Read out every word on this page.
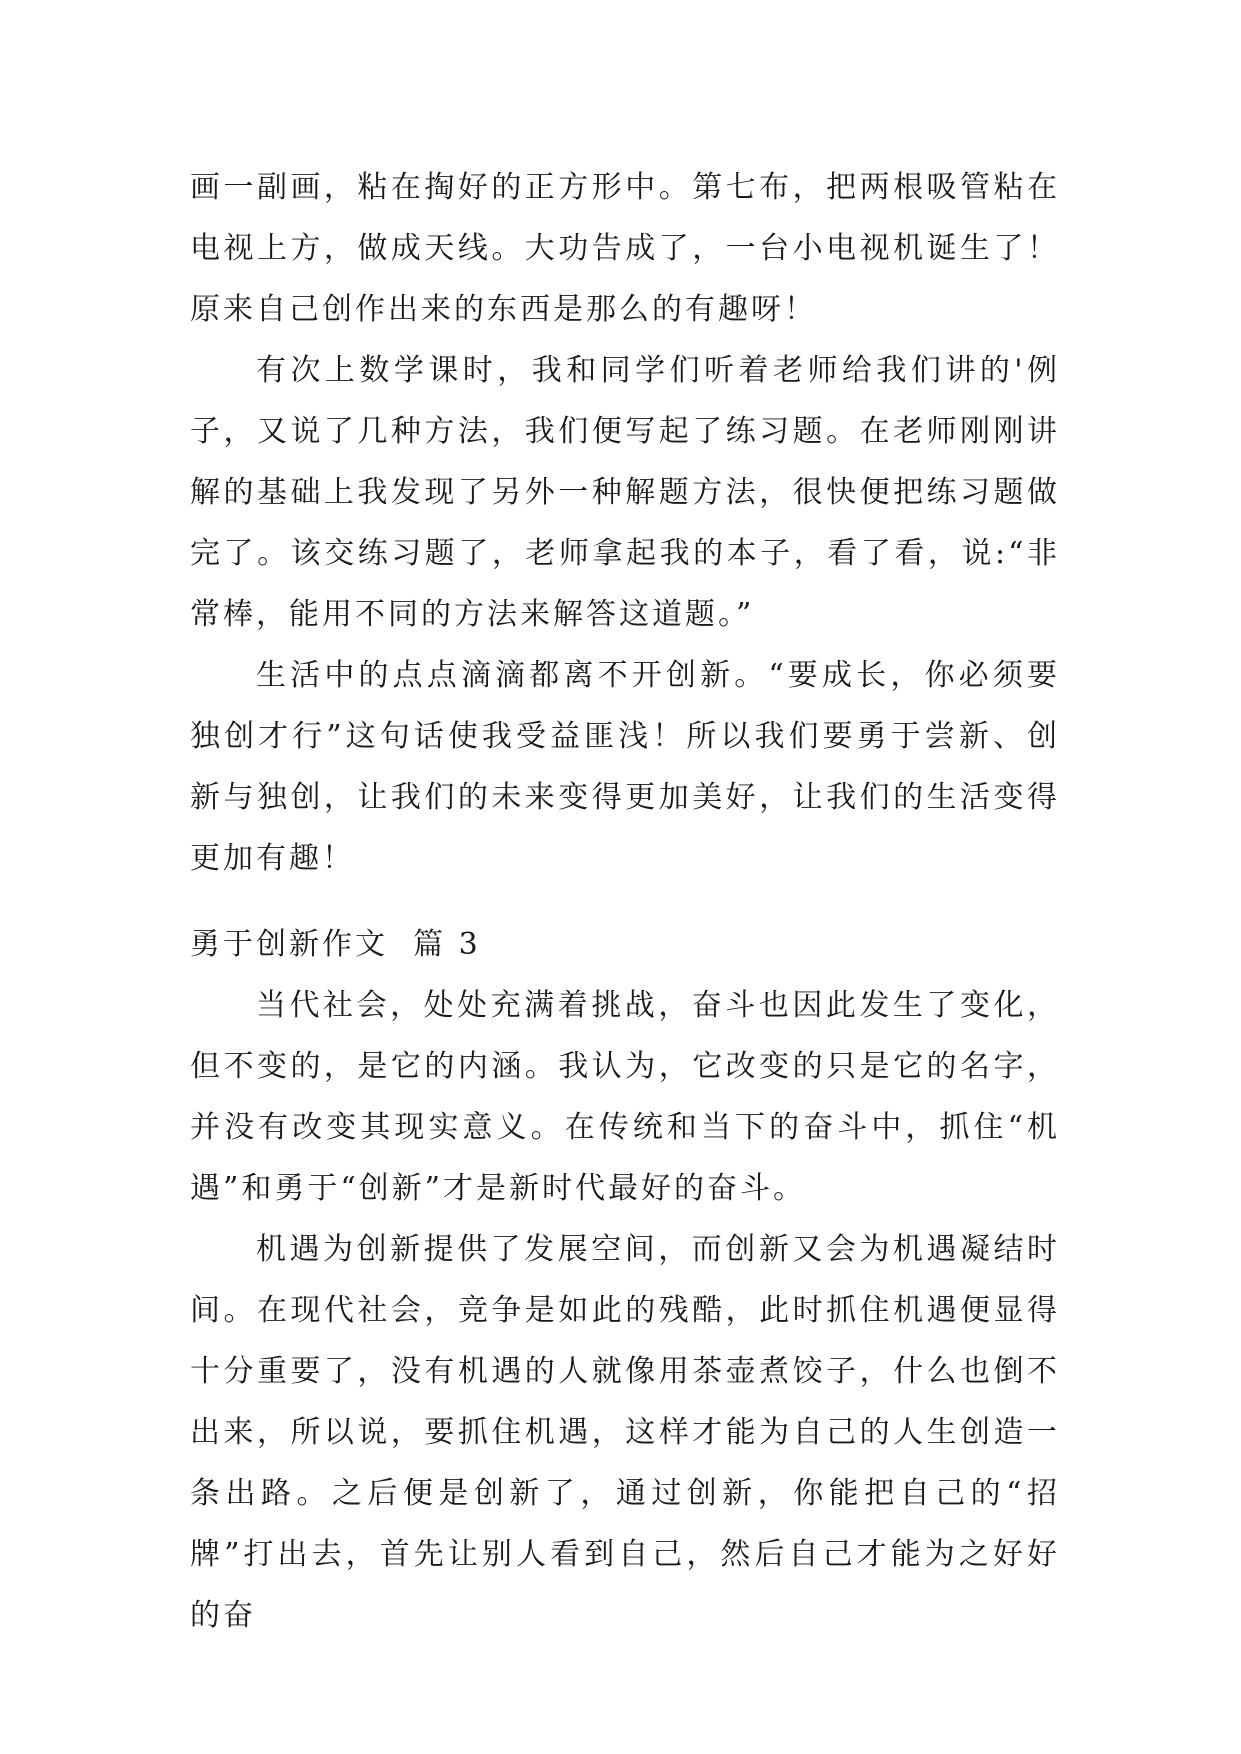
画一副画，粘在掏好的正方形中。第七布，把两根吸管粘在电视上方，做成天线。大功告成了，一台小电视机诞生了！原来自己创作出来的东西是那么的有趣呀！

有次上数学课时，我和同学们听着老师给我们讲的'例子，又说了几种方法，我们便写起了练习题。在老师刚刚讲解的基础上我发现了另外一种解题方法，很快便把练习题做完了。该交练习题了，老师拿起我的本子，看了看，说:“非常棒，能用不同的方法来解答这道题。”

生活中的点点滴滴都离不开创新。“要成长，你必须要独创才行”这句话使我受益匪浅！所以我们要勇于尝新、创新与独创，让我们的未来变得更加美好，让我们的生活变得更加有趣！

勇于创新作文  篇 3

当代社会，处处充满着挑战，奋斗也因此发生了变化，但不变的，是它的内涵。我认为，它改变的只是它的名字，并没有改变其现实意义。在传统和当下的奋斗中，抓住“机遇”和勇于“创新”才是新时代最好的奋斗。

机遇为创新提供了发展空间，而创新又会为机遇凝结时间。在现代社会，竞争是如此的残酷，此时抓住机遇便显得十分重要了，没有机遇的人就像用茶壶煮饺子，什么也倒不出来，所以说，要抓住机遇，这样才能为自己的人生创造一条出路。之后便是创新了，通过创新，你能把自己的“招牌”打出去，首先让别人看到自己，然后自己才能为之好好的奋
